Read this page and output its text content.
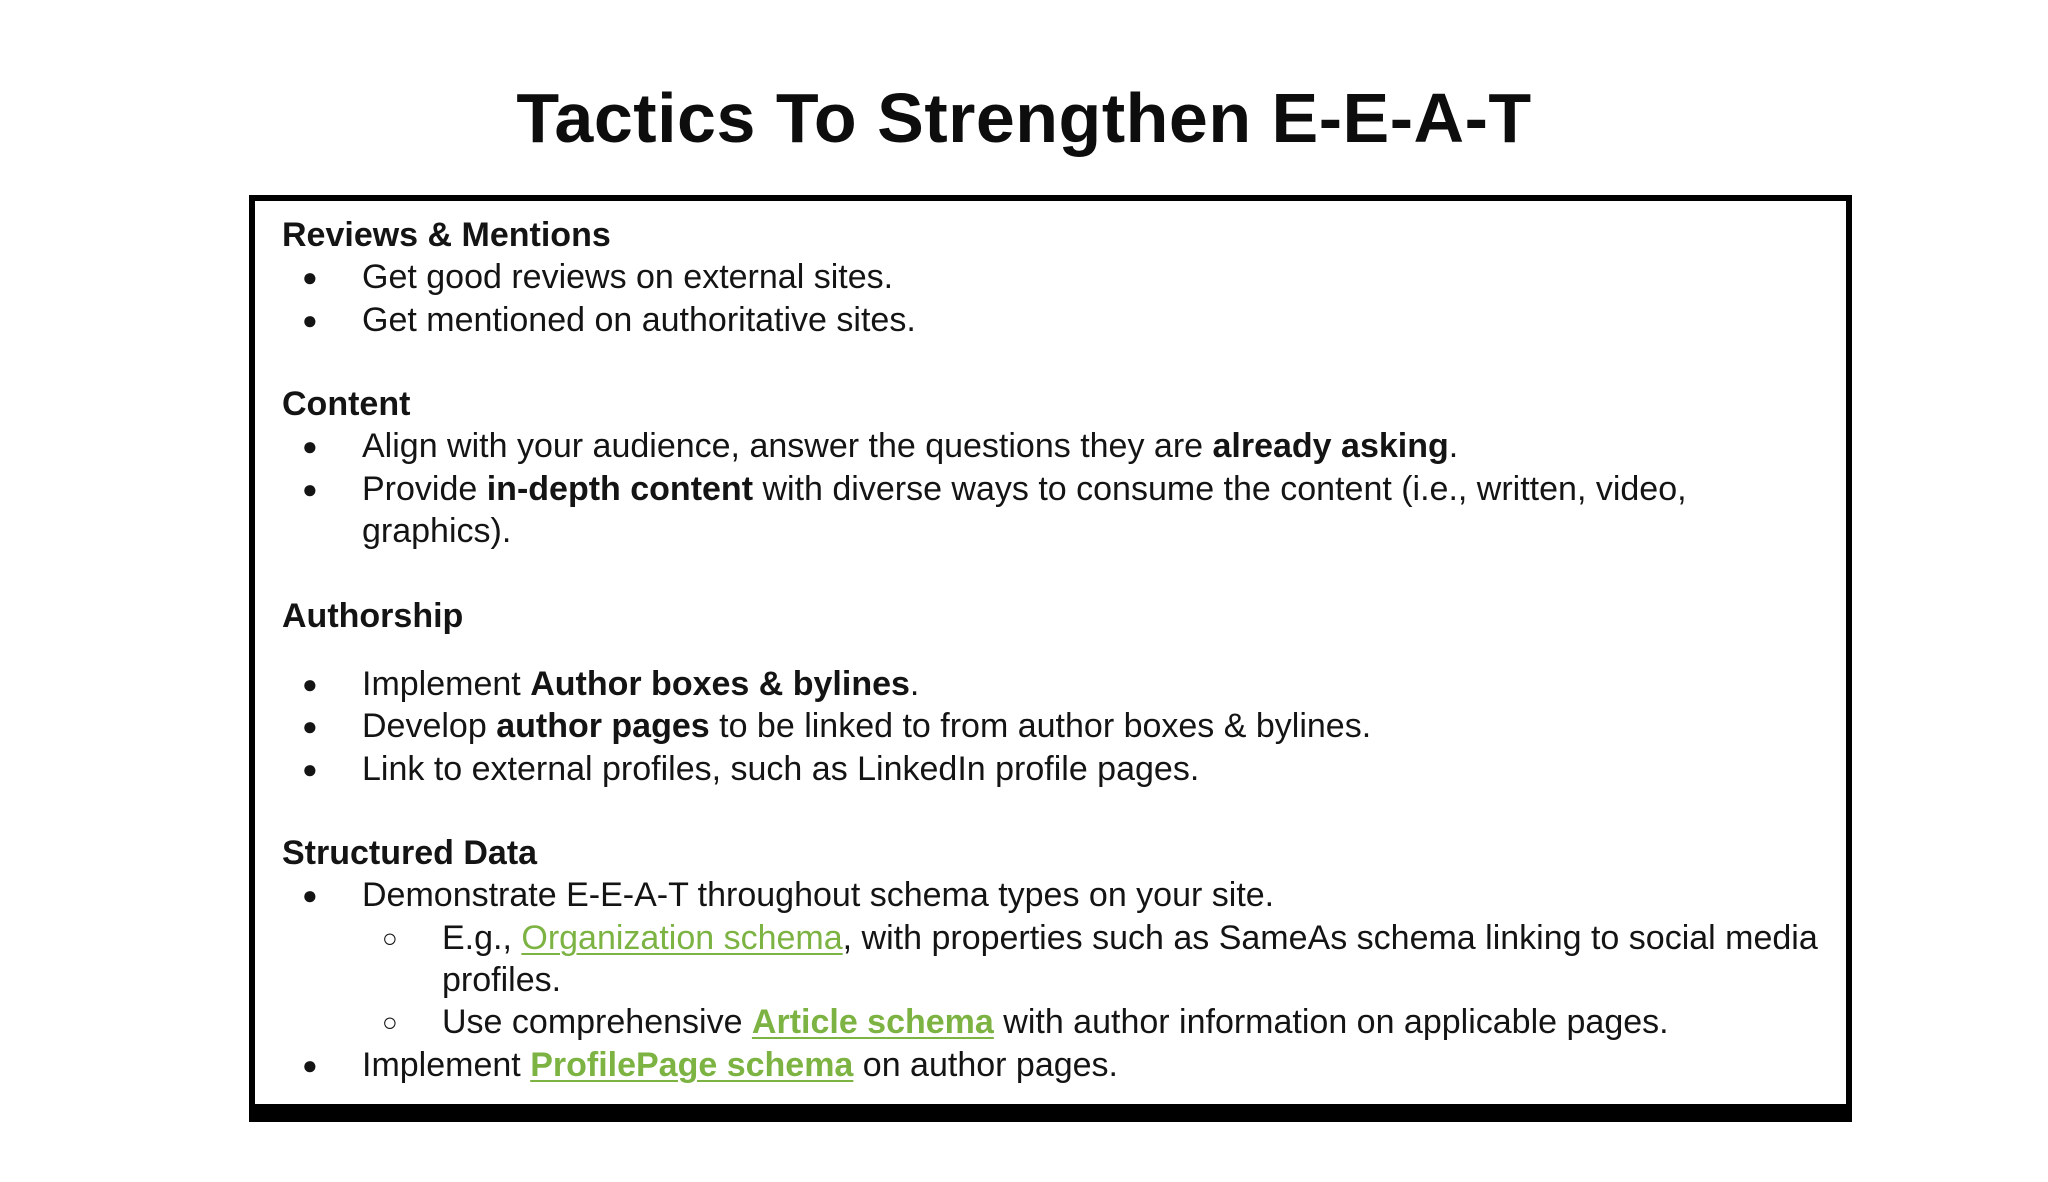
Tactics To Strengthen E-E-A-T
Reviews & Mentions
● Get good reviews on external sites.
● Get mentioned on authoritative sites.
Content
● Align with your audience, answer the questions they are already asking.
● Provide in-depth content with diverse ways to consume the content (i.e., written, video, graphics).
Authorship
● Implement Author boxes & bylines.
● Develop author pages to be linked to from author boxes & bylines.
● Link to external profiles, such as LinkedIn profile pages.
Structured Data
● Demonstrate E-E-A-T throughout schema types on your site.
○ E.g., Organization schema, with properties such as SameAs schema linking to social media profiles.
○ Use comprehensive Article schema with author information on applicable pages.
● Implement ProfilePage schema on author pages.
